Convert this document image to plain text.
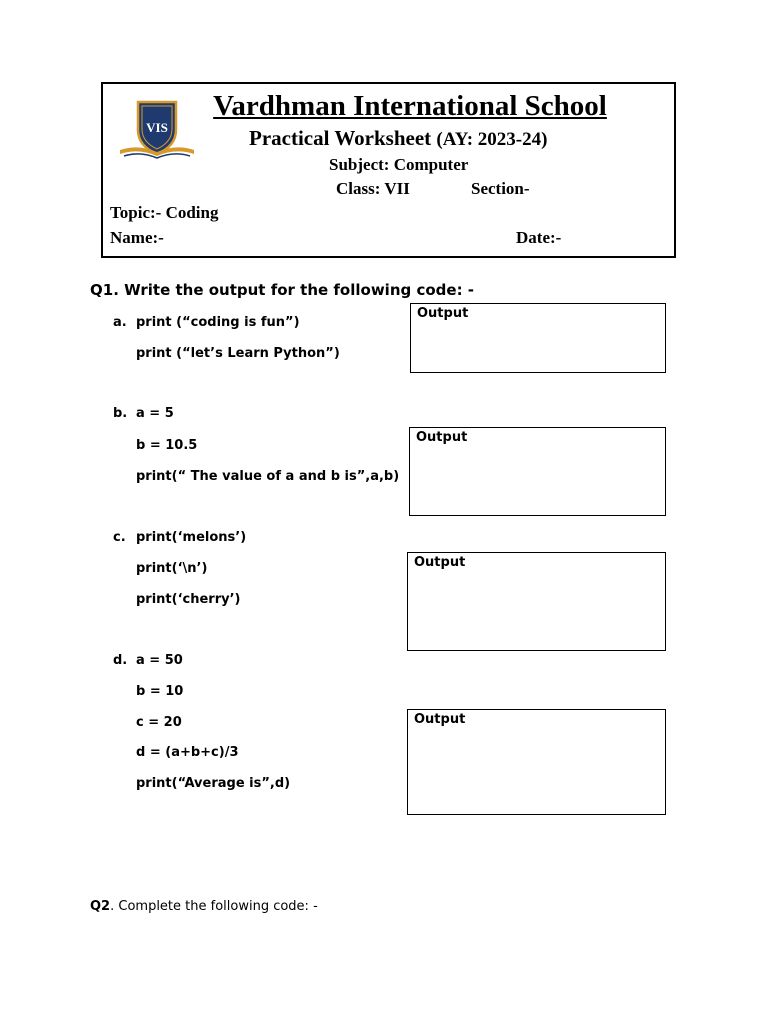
VIS
Vardhman International School
Practical Worksheet (AY: 2023-24)
Subject: Computer
Class: VII	Section-
Topic:- Coding
Name:-	Date:-
Q1. Write the output for the following code: -
a. print (“coding is fun”)
print (“let’s Learn Python”)
Output
b. a = 5
b = 10.5
print(“ The value of a and b is”,a,b)
Output
c. print(‘melons’)
print(‘\n’)
print(‘cherry’)
Output
d. a = 50
b = 10
c = 20
d = (a+b+c)/3
print(“Average is”,d)
Output
Q2. Complete the following code: -
